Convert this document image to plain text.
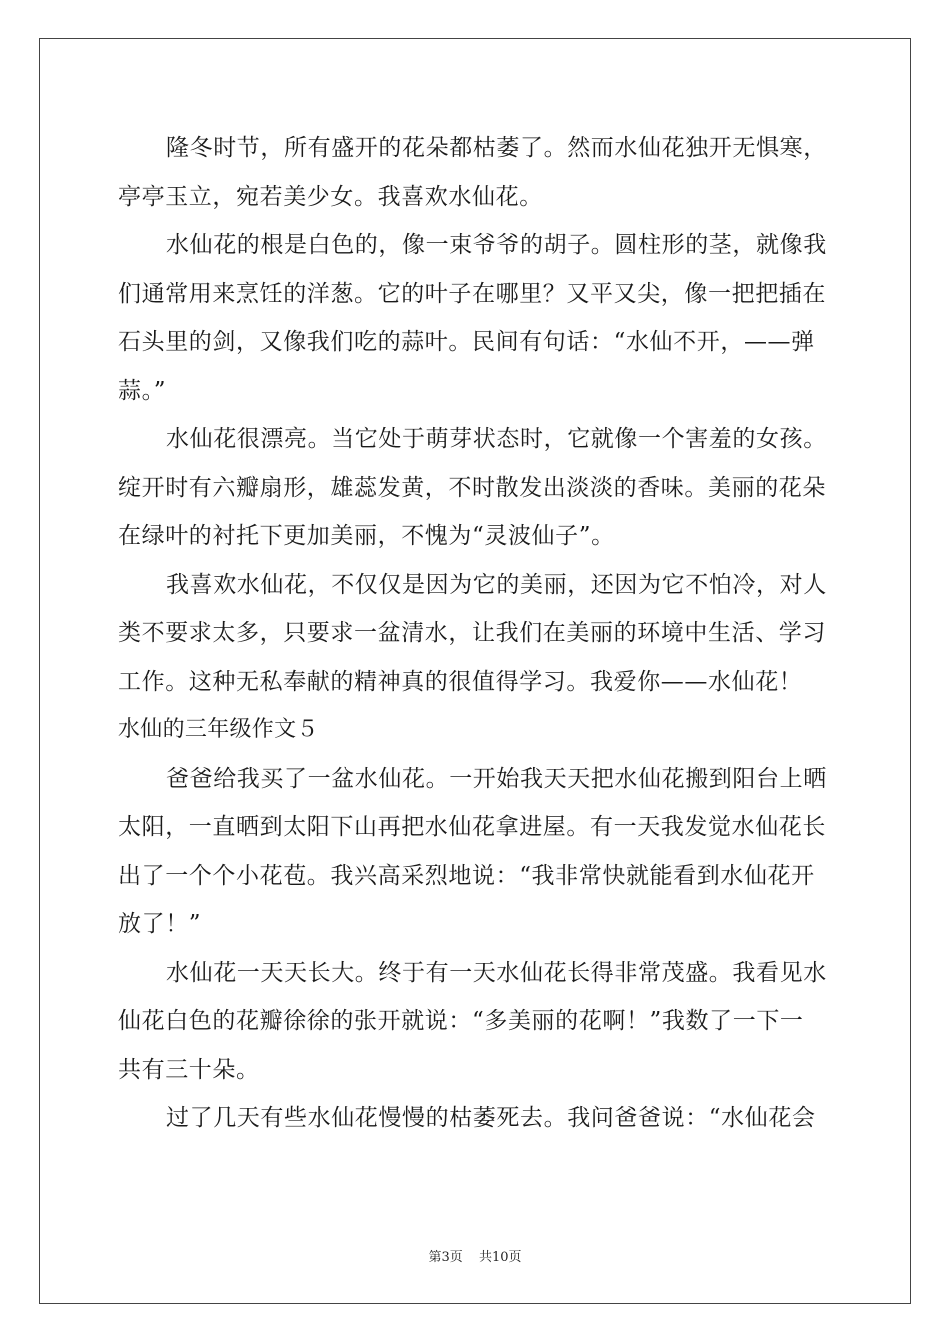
隆冬时节，所有盛开的花朵都枯萎了。然而水仙花独开无惧寒，
亭亭玉立，宛若美少女。我喜欢水仙花。
水仙花的根是白色的，像一束爷爷的胡子。圆柱形的茎，就像我
们通常用来烹饪的洋葱。它的叶子在哪里？又平又尖，像一把把插在
石头里的剑，又像我们吃的蒜叶。民间有句话：“水仙不开，——弹
蒜。”
水仙花很漂亮。当它处于萌芽状态时，它就像一个害羞的女孩。
绽开时有六瓣扇形，雄蕊发黄，不时散发出淡淡的香味。美丽的花朵
在绿叶的衬托下更加美丽，不愧为“灵波仙子”。
我喜欢水仙花，不仅仅是因为它的美丽，还因为它不怕冷，对人
类不要求太多，只要求一盆清水，让我们在美丽的环境中生活、学习
工作。这种无私奉献的精神真的很值得学习。我爱你——水仙花！
水仙的三年级作文５
爸爸给我买了一盆水仙花。一开始我天天把水仙花搬到阳台上晒
太阳，一直晒到太阳下山再把水仙花拿进屋。有一天我发觉水仙花长
出了一个个小花苞。我兴高采烈地说：“我非常快就能看到水仙花开
放了！”
水仙花一天天长大。终于有一天水仙花长得非常茂盛。我看见水
仙花白色的花瓣徐徐的张开就说：“多美丽的花啊！”我数了一下一
共有三十朵。
过了几天有些水仙花慢慢的枯萎死去。我问爸爸说：“水仙花会
第3页 共10页
